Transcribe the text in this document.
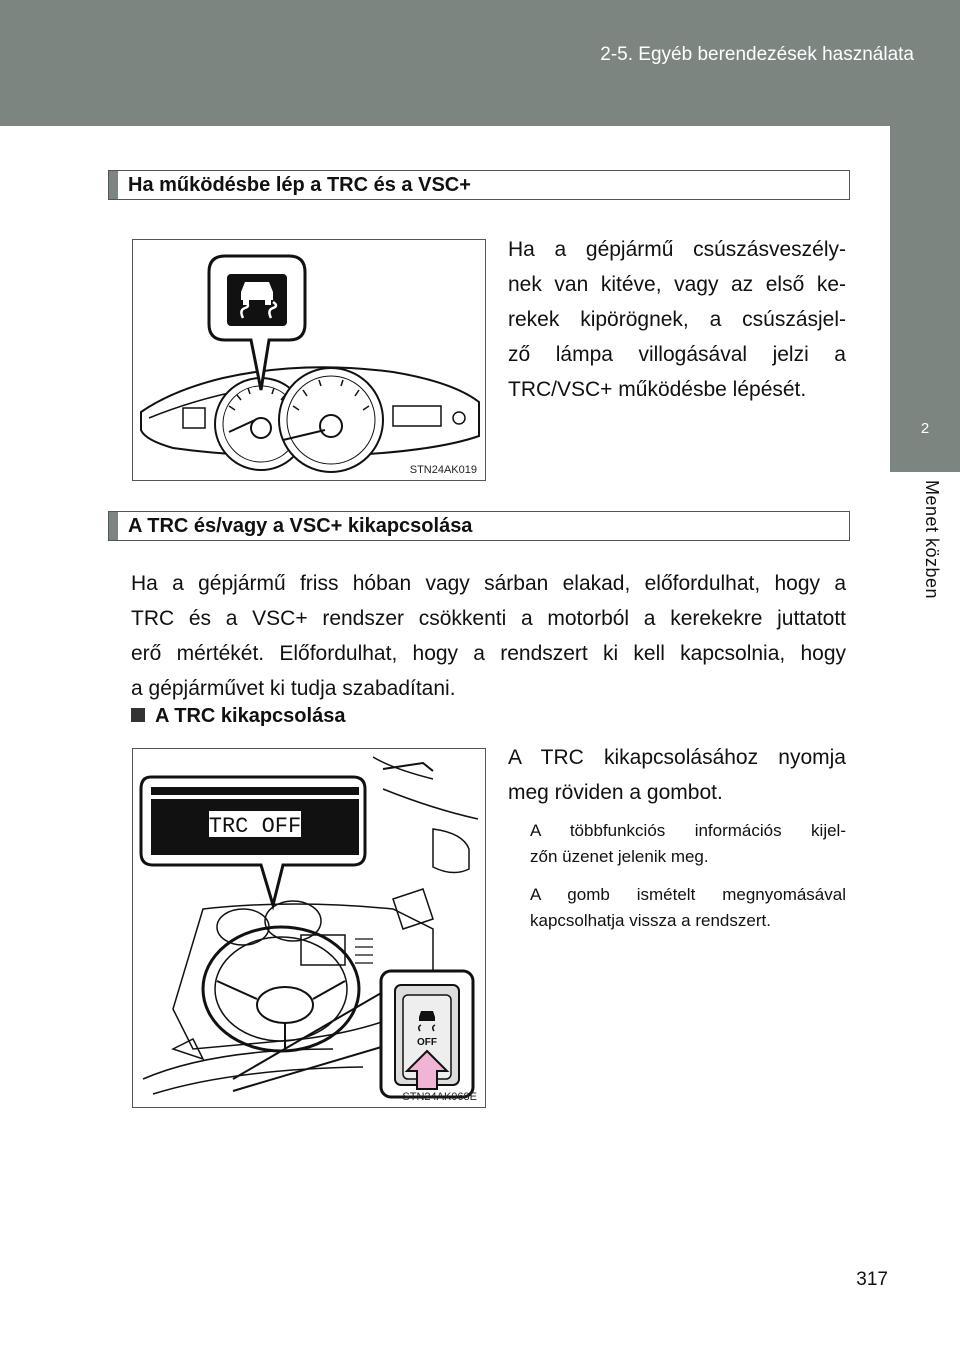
2-5. Egyéb berendezések használata
2
Menet közben
Ha működésbe lép a TRC és a VSC+
STN24AK019
Ha a gépjármű csúszásveszély-
nek van kitéve, vagy az első ke-
rekek kipörögnek, a csúszásjel-
ző lámpa villogásával jelzi a
TRC/VSC+ működésbe lépését.
A TRC és/vagy a VSC+ kikapcsolása
Ha a gépjármű friss hóban vagy sárban elakad, előfordulhat, hogy a
TRC és a VSC+ rendszer csökkenti a motorból a kerekekre juttatott
erő mértékét. Előfordulhat, hogy a rendszert ki kell kapcsolnia, hogy
a gépjárművet ki tudja szabadítani.
A TRC kikapcsolása
TRC OFF
OFF
STN24AK068E
A TRC kikapcsolásához nyomja
meg röviden a gombot.
A többfunkciós információs kijel-
zőn üzenet jelenik meg.
A gomb ismételt megnyomásával
kapcsolhatja vissza a rendszert.
317
